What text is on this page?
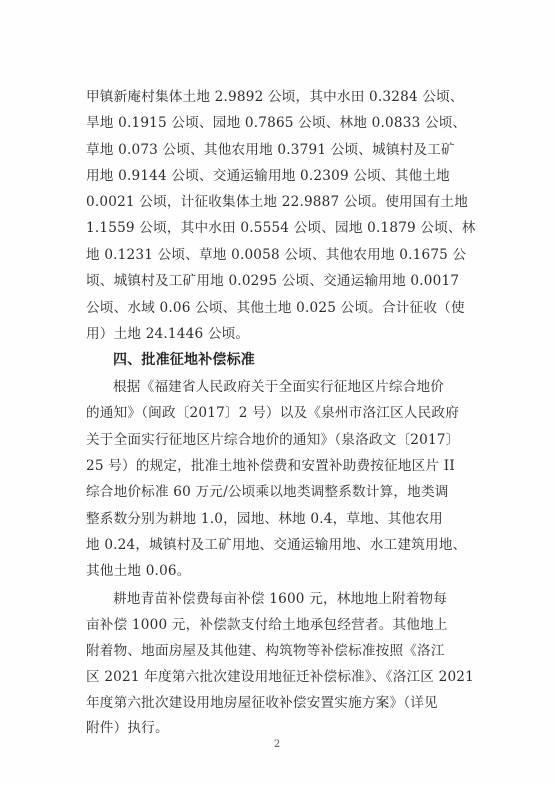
甲镇新庵村集体土地 2.9892 公顷，其中水田 0.3284 公顷、
旱地 0.1915 公顷、园地 0.7865 公顷、林地 0.0833 公顷、
草地 0.073 公顷、其他农用地 0.3791 公顷、城镇村及工矿
用地 0.9144 公顷、交通运输用地 0.2309 公顷、其他土地
0.0021 公顷，计征收集体土地 22.9887 公顷。使用国有土地
1.1559 公顷，其中水田 0.5554 公顷、园地 0.1879 公顷、林
地 0.1231 公顷、草地 0.0058 公顷、其他农用地 0.1675 公
顷、城镇村及工矿用地 0.0295 公顷、交通运输用地 0.0017
公顷、水域 0.06 公顷、其他土地 0.025 公顷。合计征收（使
用）土地 24.1446 公顷。
四、批准征地补偿标准
根据《福建省人民政府关于全面实行征地区片综合地价
的通知》（闽政〔2017〕2 号）以及《泉州市洛江区人民政府
关于全面实行征地区片综合地价的通知》（泉洛政文〔2017〕
25 号）的规定，批准土地补偿费和安置补助费按征地区片 II
综合地价标准 60 万元/公顷乘以地类调整系数计算，地类调
整系数分别为耕地 1.0，园地、林地 0.4，草地、其他农用
地 0.24，城镇村及工矿用地、交通运输用地、水工建筑用地、
其他土地 0.06。
耕地青苗补偿费每亩补偿 1600 元，林地地上附着物每
亩补偿 1000 元，补偿款支付给土地承包经营者。其他地上
附着物、地面房屋及其他建、构筑物等补偿标准按照《洛江
区 2021 年度第六批次建设用地征迁补偿标准》、《洛江区 2021
年度第六批次建设用地房屋征收补偿安置实施方案》（详见
附件）执行。
2
